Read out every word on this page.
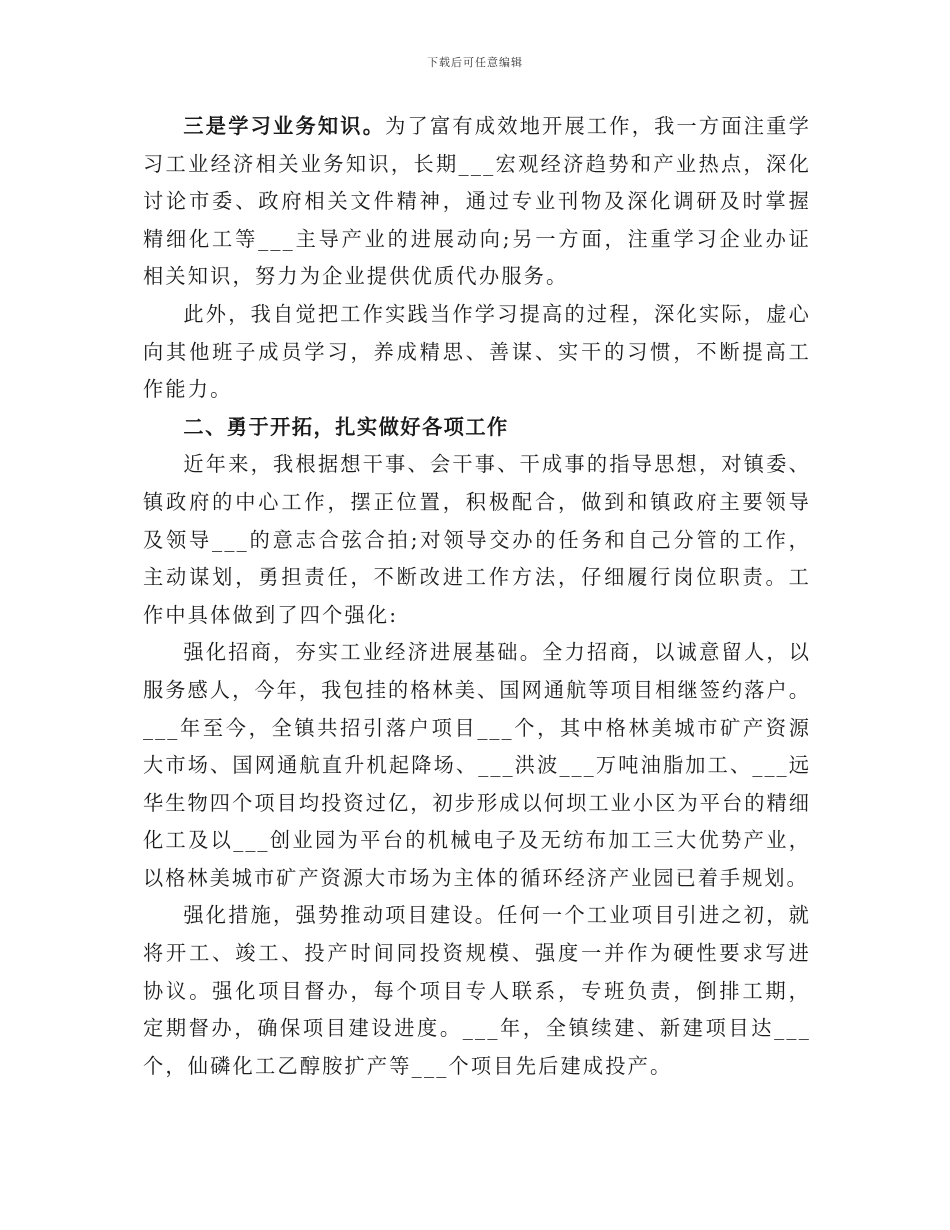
下载后可任意编辑

三是学习业务知识。为了富有成效地开展工作，我一方面注重学习工业经济相关业务知识，长期___宏观经济趋势和产业热点，深化讨论市委、政府相关文件精神，通过专业刊物及深化调研及时掌握精细化工等___主导产业的进展动向;另一方面，注重学习企业办证相关知识，努力为企业提供优质代办服务。

此外，我自觉把工作实践当作学习提高的过程，深化实际，虚心向其他班子成员学习，养成精思、善谋、实干的习惯，不断提高工作能力。

二、勇于开拓，扎实做好各项工作

近年来，我根据想干事、会干事、干成事的指导思想，对镇委、镇政府的中心工作，摆正位置，积极配合，做到和镇政府主要领导及领导___的意志合弦合拍;对领导交办的任务和自己分管的工作，主动谋划，勇担责任，不断改进工作方法，仔细履行岗位职责。工作中具体做到了四个强化:

强化招商，夯实工业经济进展基础。全力招商，以诚意留人，以服务感人，今年，我包挂的格林美、国网通航等项目相继签约落户。___年至今，全镇共招引落户项目___个，其中格林美城市矿产资源大市场、国网通航直升机起降场、___洪波___万吨油脂加工、___远华生物四个项目均投资过亿，初步形成以何坝工业小区为平台的精细化工及以___创业园为平台的机械电子及无纺布加工三大优势产业，以格林美城市矿产资源大市场为主体的循环经济产业园已着手规划。

强化措施，强势推动项目建设。任何一个工业项目引进之初，就将开工、竣工、投产时间同投资规模、强度一并作为硬性要求写进协议。强化项目督办，每个项目专人联系，专班负责，倒排工期，定期督办，确保项目建设进度。___年，全镇续建、新建项目达___个，仙磷化工乙醇胺扩产等___个项目先后建成投产。
